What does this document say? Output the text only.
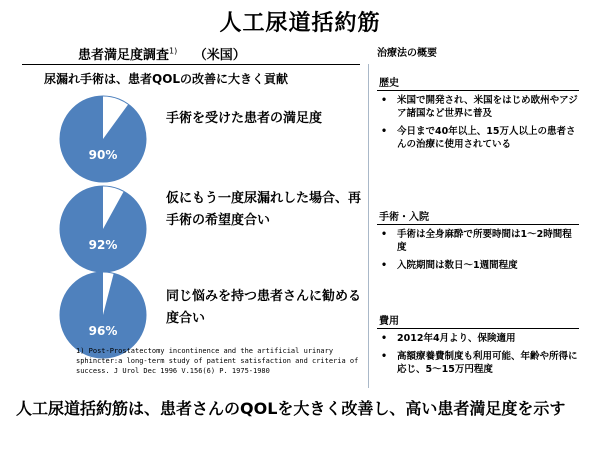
人工尿道括約筋
患者満足度調査$^{1)}$ （米国）
尿漏れ手術は、患者QOLの改善に大きく貢献
90%
手術を受けた患者の満足度
92%
仮にもう一度尿漏れした場合、再手術の希望度合い
96%
同じ悩みを持つ患者さんに勧める度合い
1) Post-Prostatectomy incontinence and the artificial urinary sphincter:a long-term study of patient satisfaction and criteria of success. J Urol Dec 1996 V.156(6) P. 1975-1980
治療法の概要
歴史
• 米国で開発され、米国をはじめ欧州やアジア諸国など世界に普及
• 今日まで40年以上、15万人以上の患者さんの治療に使用されている
手術・入院
• 手術は全身麻酔で所要時間は1～2時間程度
• 入院期間は数日～1週間程度
費用
• 2012年4月より、保険適用
• 高額療養費制度も利用可能、年齢や所得に応じ、5～15万円程度
人工尿道括約筋は、患者さんのQOLを大きく改善し、高い患者満足度を示す
